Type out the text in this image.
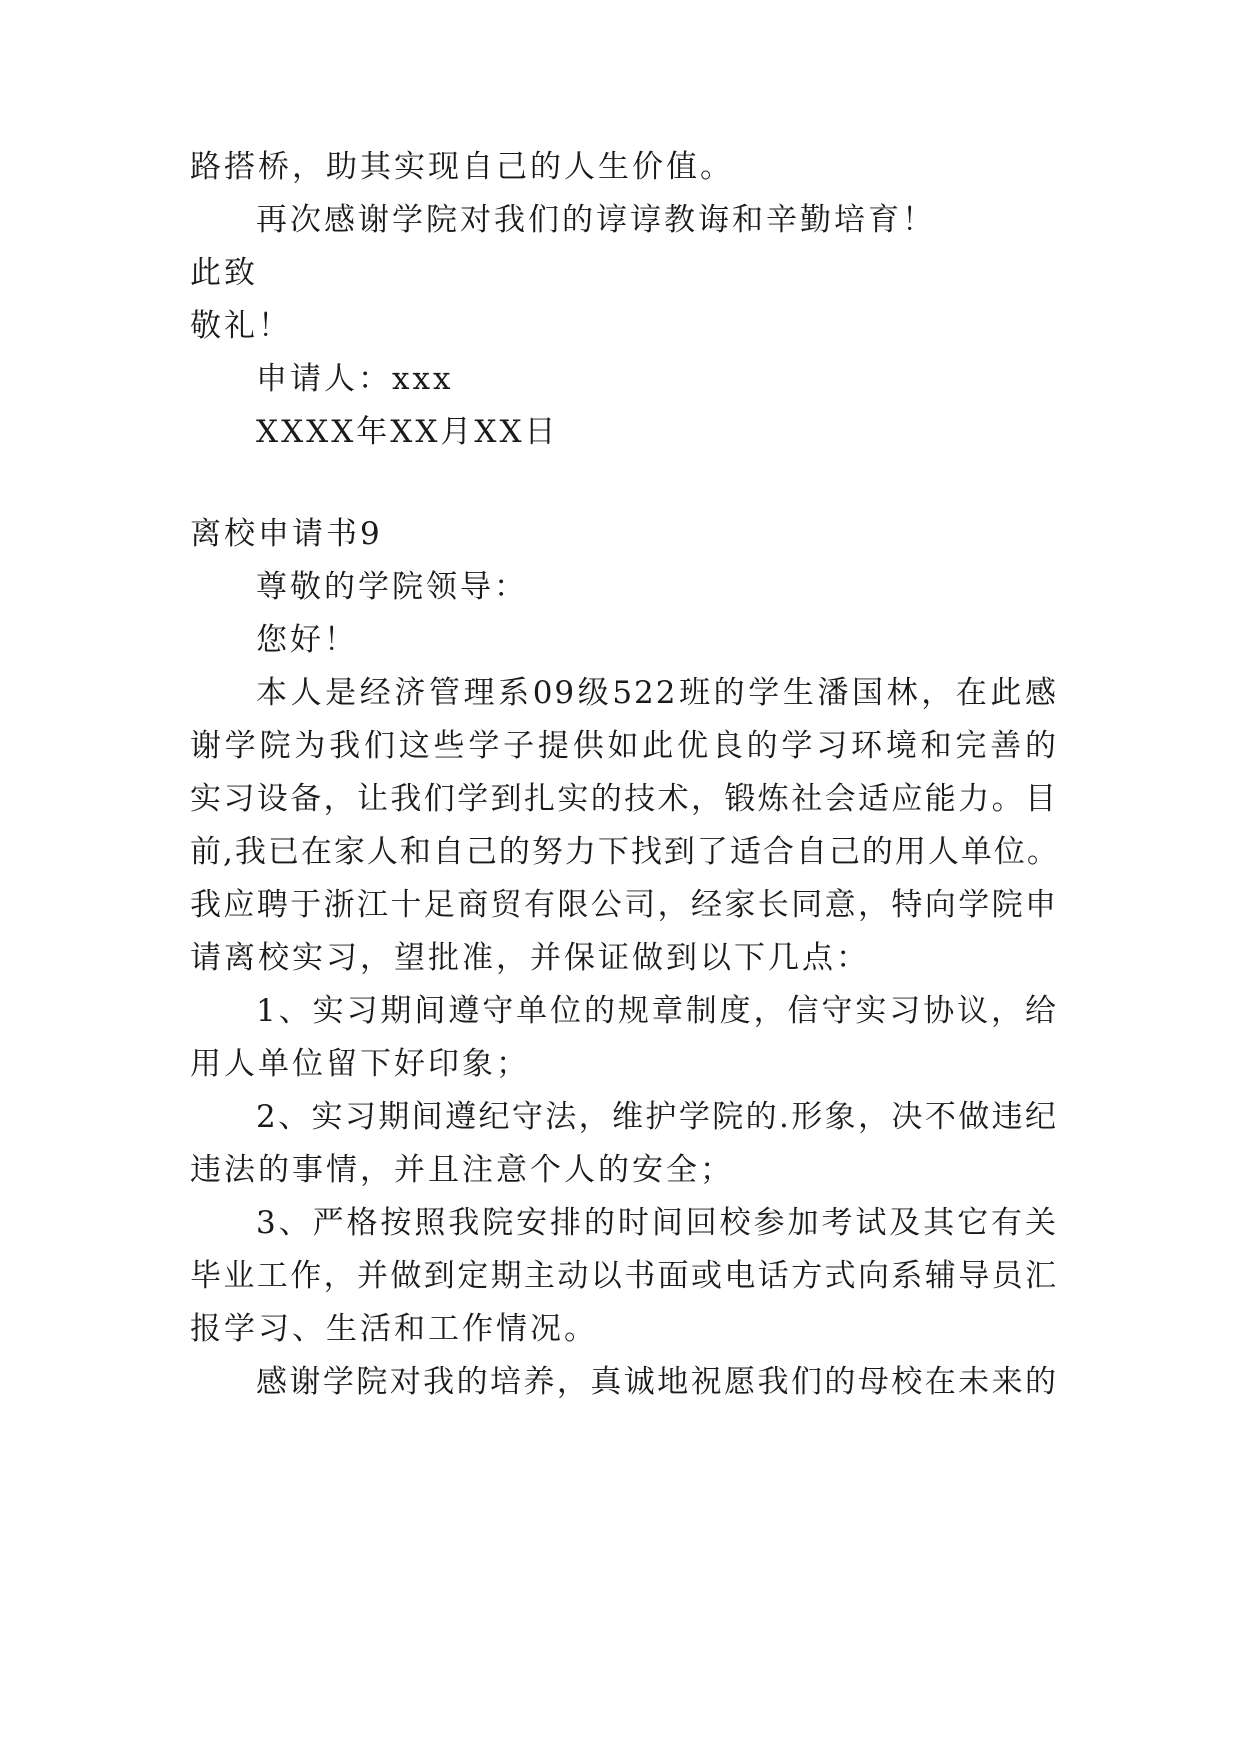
路搭桥，助其实现自己的人生价值。
再次感谢学院对我们的谆谆教诲和辛勤培育！
此致
敬礼！
申请人：xxx
XXXX年XX月XX日
离校申请书9
尊敬的学院领导：
您好！
本人是经济管理系09级522班的学生潘国林，在此感
谢学院为我们这些学子提供如此优良的学习环境和完善的
实习设备，让我们学到扎实的技术，锻炼社会适应能力。目
前,我已在家人和自己的努力下找到了适合自己的用人单位。
我应聘于浙江十足商贸有限公司，经家长同意，特向学院申
请离校实习，望批准，并保证做到以下几点：
1、实习期间遵守单位的规章制度，信守实习协议，给
用人单位留下好印象；
2、实习期间遵纪守法，维护学院的.形象，决不做违纪
违法的事情，并且注意个人的安全；
3、严格按照我院安排的时间回校参加考试及其它有关
毕业工作，并做到定期主动以书面或电话方式向系辅导员汇
报学习、生活和工作情况。
感谢学院对我的培养，真诚地祝愿我们的母校在未来的
